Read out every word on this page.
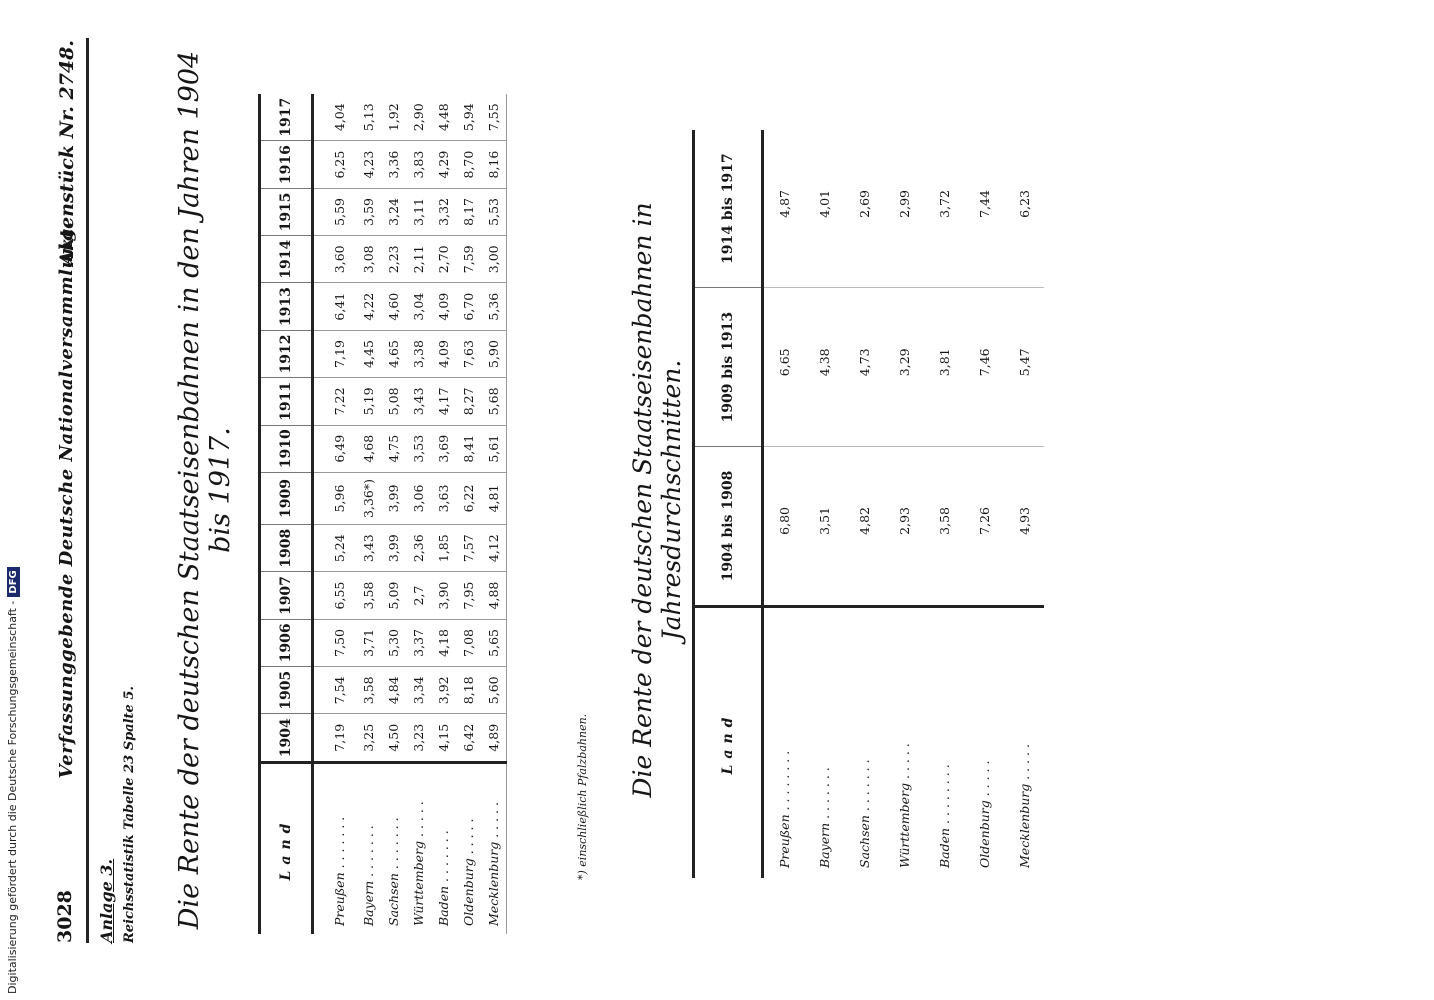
3028
Verfassunggebende Deutsche Nationalversammlung.
Aktenstück Nr. 2748.
Anlage 3. Reichsstatistik Tabelle 23 Spalte 5. Die Rente der deutschen Staatseisenbahnen in den Jahren 1904 bis 1917.
Land	1904	1905	1906	1907	1908	1909	1910	1911	1912	1913	1914	1915	1916	1917
Preußen . . . . . . .	7,19	7,54	7,50	6,55	5,24	5,96	6,49	7,22	7,19	6,41	3,60	5,59	6,25	4,04
Bayern . . . . . . .	3,25	3,58	3,71	3,58	3,43	3,36*)	4,68	5,19	4,45	4,22	3,08	3,59	4,23	5,13
Sachsen . . . . . . .	4,50	4,84	5,30	5,09	3,99	3,99	4,75	5,08	4,65	4,60	2,23	3,24	3,36	1,92
Württemberg . . . . .	3,23	3,34	3,37	2,7	2,36	3,06	3,53	3,43	3,38	3,04	2,11	3,11	3,83	2,90
Baden . . . . . . .	4,15	3,92	4,18	3,90	1,85	3,63	3,69	4,17	4,09	4,09	2,70	3,32	4,29	4,48
Oldenburg . . . . .	6,42	8,18	7,08	7,95	7,57	6,22	8,41	8,27	7,63	6,70	7,59	8,17	8,70	5,94
Mecklenburg . . . . .	4,89	5,60	5,65	4,88	4,12	4,81	5,61	5,68	5,90	5,36	3,00	5,53	8,16	7,55
*) einschließlich Pfalzbahnen. Die Rente der deutschen Staatseisenbahnen in Jahresdurchschnitten.
Land	1904 bis 1908	1909 bis 1913	1914 bis 1917
Preußen . . . . . . . .	6,80	6,65	4,87
Bayern . . . . . . .	3,51	4,38	4,01
Sachsen . . . . . . .	4,82	4,73	2,69
Württemberg . . . . .	2,93	3,29	2,99
Baden . . . . . . . .	3,58	3,81	3,72
Oldenburg . . . . .	7,26	7,46	7,44
Mecklenburg . . . . .	4,93	5,47	6,23
Digitalisierung gefördert durch die Deutsche Forschungsgemeinschaft -DFG
